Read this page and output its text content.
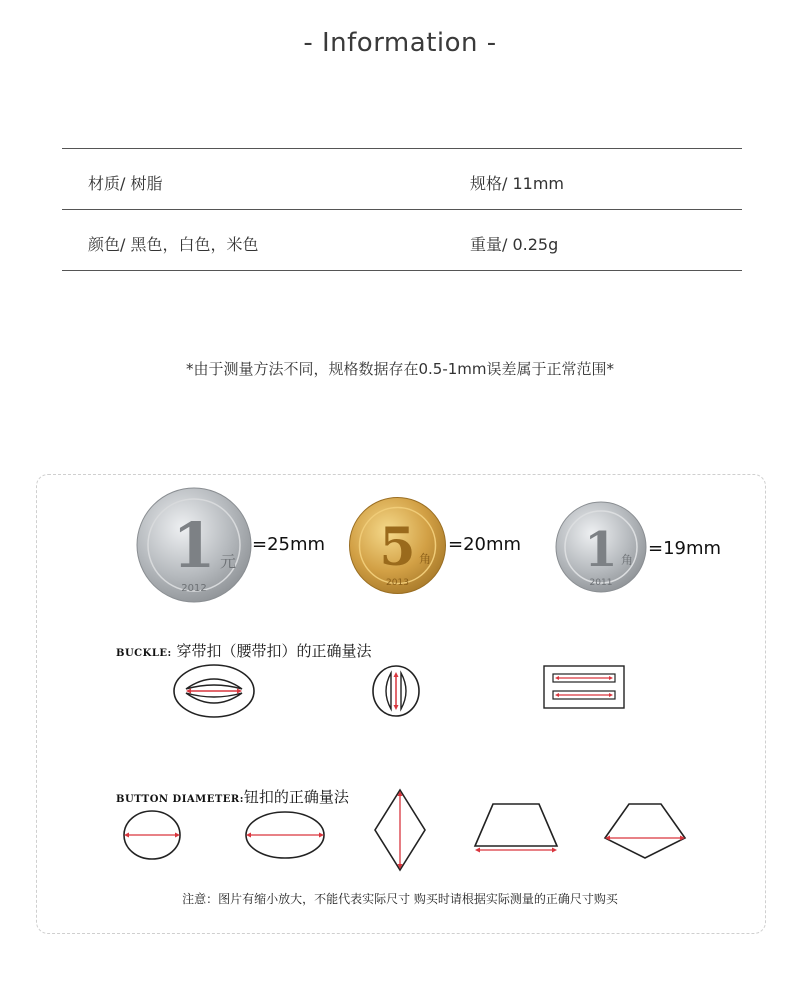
- Information -
材质/ 树脂	规格/ 11mm
颜色/ 黑色，白色，米色	重量/ 0.25g
*由于测量方法不同，规格数据存在0.5-1mm误差属于正常范围*
1 元
2012
=25mm 5 角
2013
=20mm 1 角
2011
=19mm
BUCKLE: 穿带扣（腰带扣）的正确量法
BUTTON DIAMETER:钮扣的正确量法
注意：图片有缩小放大，不能代表实际尺寸 购买时请根据实际测量的正确尺寸购买
